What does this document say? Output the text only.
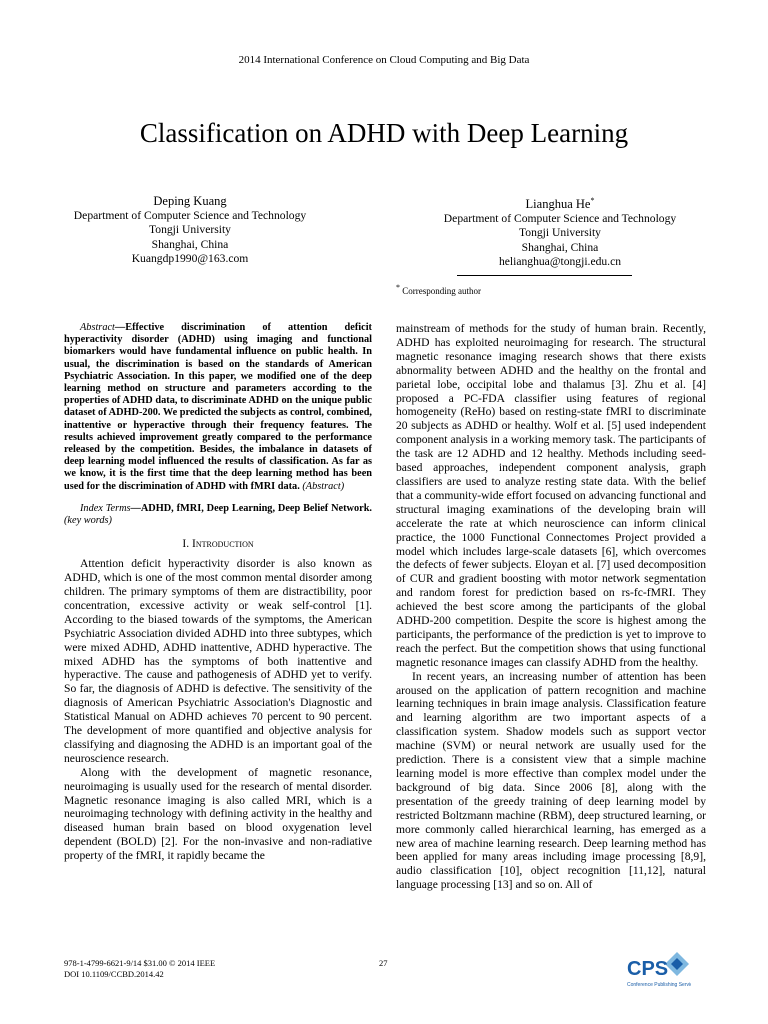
2014 International Conference on Cloud Computing and Big Data
Classification on ADHD with Deep Learning
Deping Kuang
Department of Computer Science and Technology
Tongji University
Shanghai, China
Kuangdp1990@163.com
Lianghua He*
Department of Computer Science and Technology
Tongji University
Shanghai, China
helianghua@tongji.edu.cn
* Corresponding author

Abstract—Effective discrimination of attention deficit hyperactivity disorder (ADHD) using imaging and functional biomarkers would have fundamental influence on public health. In usual, the discrimination is based on the standards of American Psychiatric Association. In this paper, we modified one of the deep learning method on structure and parameters according to the properties of ADHD data, to discriminate ADHD on the unique public dataset of ADHD-200. We predicted the subjects as control, combined, inattentive or hyperactive through their frequency features. The results achieved improvement greatly compared to the performance released by the competition. Besides, the imbalance in datasets of deep learning model influenced the results of classification. As far as we know, it is the first time that the deep learning method has been used for the discrimination of ADHD with fMRI data. (Abstract)

Index Terms—ADHD, fMRI, Deep Learning, Deep Belief Network. (key words)

I. Introduction

Attention deficit hyperactivity disorder is also known as ADHD, which is one of the most common mental disorder among children. The primary symptoms of them are distractibility, poor concentration, excessive activity or weak self-control [1]. According to the biased towards of the symptoms, the American Psychiatric Association divided ADHD into three subtypes, which were mixed ADHD, ADHD inattentive, ADHD hyperactive. The mixed ADHD has the symptoms of both inattentive and hyperactive. The cause and pathogenesis of ADHD yet to verify. So far, the diagnosis of ADHD is defective. The sensitivity of the diagnosis of American Psychiatric Association's Diagnostic and Statistical Manual on ADHD achieves 70 percent to 90 percent. The development of more quantified and objective analysis for classifying and diagnosing the ADHD is an important goal of the neuroscience research.

Along with the development of magnetic resonance, neuroimaging is usually used for the research of mental disorder. Magnetic resonance imaging is also called MRI, which is a neuroimaging technology with defining activity in the healthy and diseased human brain based on blood oxygenation level dependent (BOLD) [2]. For the non-invasive and non-radiative property of the fMRI, it rapidly became the

mainstream of methods for the study of human brain. Recently, ADHD has exploited neuroimaging for research. The structural magnetic resonance imaging research shows that there exists abnormality between ADHD and the healthy on the frontal and parietal lobe, occipital lobe and thalamus [3]. Zhu et al. [4] proposed a PC-FDA classifier using features of regional homogeneity (ReHo) based on resting-state fMRI to discriminate 20 subjects as ADHD or healthy. Wolf et al. [5] used independent component analysis in a working memory task. The participants of the task are 12 ADHD and 12 healthy. Methods including seed-based approaches, independent component analysis, graph classifiers are used to analyze resting state data. With the belief that a community-wide effort focused on advancing functional and structural imaging examinations of the developing brain will accelerate the rate at which neuroscience can inform clinical practice, the 1000 Functional Connectomes Project provided a model which includes large-scale datasets [6], which overcomes the defects of fewer subjects. Eloyan et al. [7] used decomposition of CUR and gradient boosting with motor network segmentation and random forest for prediction based on rs-fc-fMRI. They achieved the best score among the participants of the global ADHD-200 competition. Despite the score is highest among the participants, the performance of the prediction is yet to improve to reach the perfect. But the competition shows that using functional magnetic resonance images can classify ADHD from the healthy.

In recent years, an increasing number of attention has been aroused on the application of pattern recognition and machine learning techniques in brain image analysis. Classification feature and learning algorithm are two important aspects of a classification system. Shadow models such as support vector machine (SVM) or neural network are usually used for the prediction. There is a consistent view that a simple machine learning model is more effective than complex model under the background of big data. Since 2006 [8], along with the presentation of the greedy training of deep learning model by restricted Boltzmann machine (RBM), deep structured learning, or more commonly called hierarchical learning, has emerged as a new area of machine learning research. Deep learning method has been applied for many areas including image processing [8,9], audio classification [10], object recognition [11,12], natural language processing [13] and so on. All of

978-1-4799-6621-9/14 $31.00 © 2014 IEEE
DOI 10.1109/CCBD.2014.42
27	CPS
Conference Publishing Services
